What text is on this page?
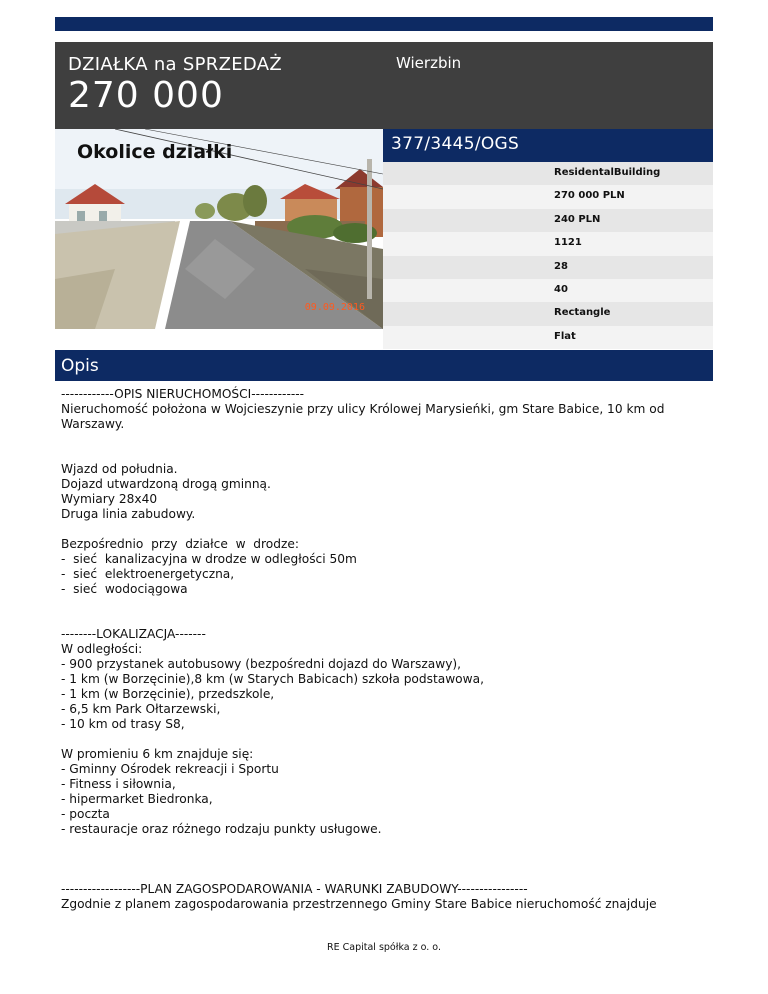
DZIAŁKA na SPRZEDAŻ
270 000
Wierzbin
Okolice działki
09.09.2016
377/3445/OGS
ResidentalBuilding
270 000 PLN
240 PLN
1121
28
40
Rectangle
Flat
Opis

------------OPIS NIERUCHOMOŚCI------------

Nieruchomość położona w Wojcieszynie przy ulicy Królowej Marysieńki, gm Stare Babice, 10 km od

Warszawy.

Wjazd od południa.

Dojazd utwardzoną drogą gminną.

Wymiary 28x40

Druga linia zabudowy.

Bezpośrednio  przy  działce  w  drodze:

-  sieć  kanalizacyjna w drodze w odległości 50m

-  sieć  elektroenergetyczna,

-  sieć  wodociągowa

--------LOKALIZACJA-------

W odległości:

- 900 przystanek autobusowy (bezpośredni dojazd do Warszawy),

- 1 km (w Borzęcinie),8 km (w Starych Babicach) szkoła podstawowa,

- 1 km (w Borzęcinie), przedszkole,

- 6,5 km Park Ołtarzewski,

- 10 km od trasy S8,

W promieniu 6 km znajduje się:

- Gminny Ośrodek rekreacji i Sportu

- Fitness i siłownia,

- hipermarket Biedronka,

- poczta

- restauracje oraz różnego rodzaju punkty usługowe.

------------------PLAN ZAGOSPODAROWANIA - WARUNKI ZABUDOWY----------------

Zgodnie z planem zagospodarowania przestrzennego Gminy Stare Babice nieruchomość znajduje

RE Capital spółka z o. o.
